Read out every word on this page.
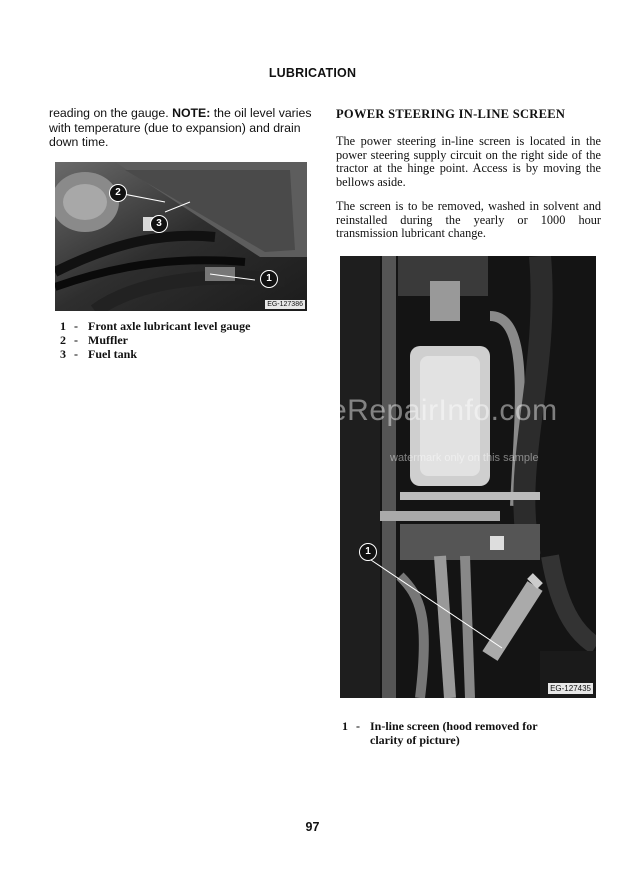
LUBRICATION
reading on the gauge. NOTE: the oil level varies with temperature (due to expansion) and drain down time.
2
3
1
EG-127386
1 - Front axle lubricant level gauge
2 - Muffler
3 - Fuel tank
POWER STEERING IN-LINE SCREEN
The power steering in-line screen is located in the power steering supply circuit on the right side of the tractor at the hinge point. Access is by moving the bellows aside.
The screen is to be removed, washed in solvent and reinstalled during the yearly or 1000 hour transmission lubricant change.
1
EG-127435
eRepairInfo.com
watermark only on this sample
1 - In-line screen (hood removed for
clarity of picture)
97
